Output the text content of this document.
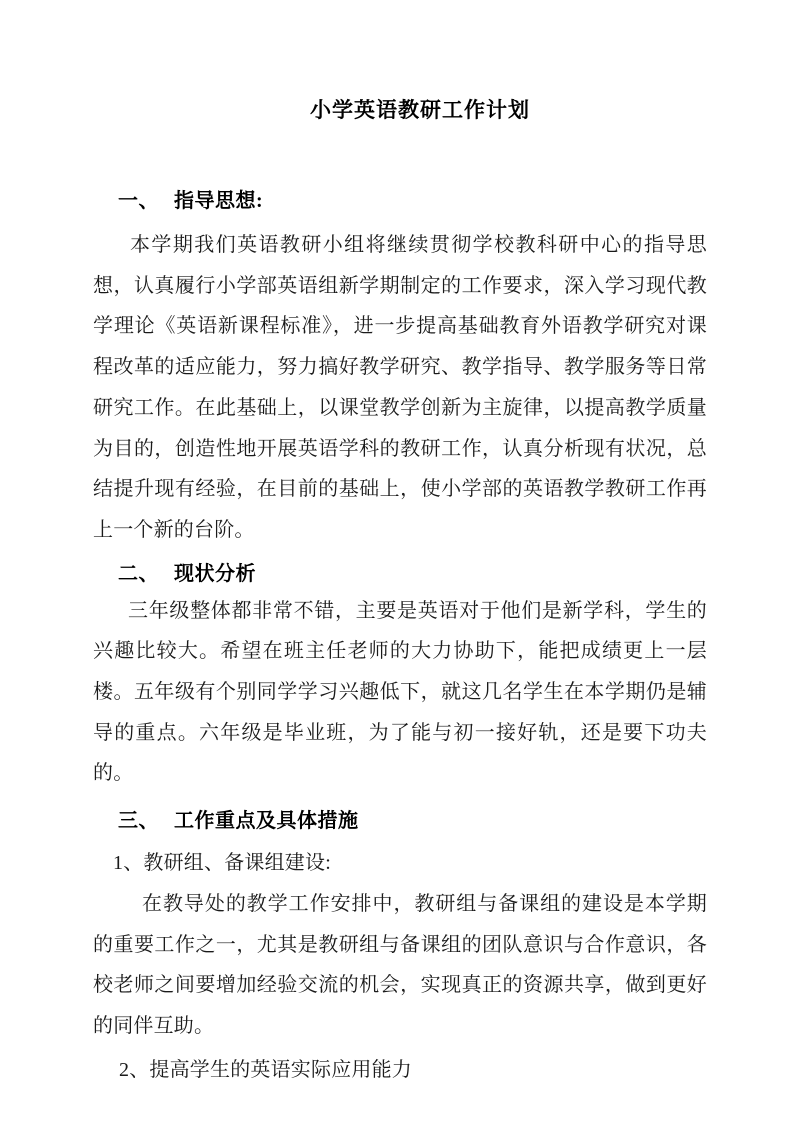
小学英语教研工作计划
一、 指导思想:

本学期我们英语教研小组将继续贯彻学校教科研中心的指导思想，认真履行小学部英语组新学期制定的工作要求，深入学习现代教学理论《英语新课程标准》，进一步提高基础教育外语教学研究对课程改革的适应能力，努力搞好教学研究、教学指导、教学服务等日常研究工作。在此基础上，以课堂教学创新为主旋律，以提高教学质量为目的，创造性地开展英语学科的教研工作，认真分析现有状况，总结提升现有经验，在目前的基础上，使小学部的英语教学教研工作再上一个新的台阶。

二、 现状分析

三年级整体都非常不错，主要是英语对于他们是新学科，学生的兴趣比较大。希望在班主任老师的大力协助下，能把成绩更上一层楼。五年级有个别同学学习兴趣低下，就这几名学生在本学期仍是辅导的重点。六年级是毕业班，为了能与初一接好轨，还是要下功夫的。

三、 工作重点及具体措施

1、教研组、备课组建设:

在教导处的教学工作安排中，教研组与备课组的建设是本学期的重要工作之一，尤其是教研组与备课组的团队意识与合作意识，各校老师之间要增加经验交流的机会，实现真正的资源共享，做到更好的同伴互助。

2、提高学生的英语实际应用能力
